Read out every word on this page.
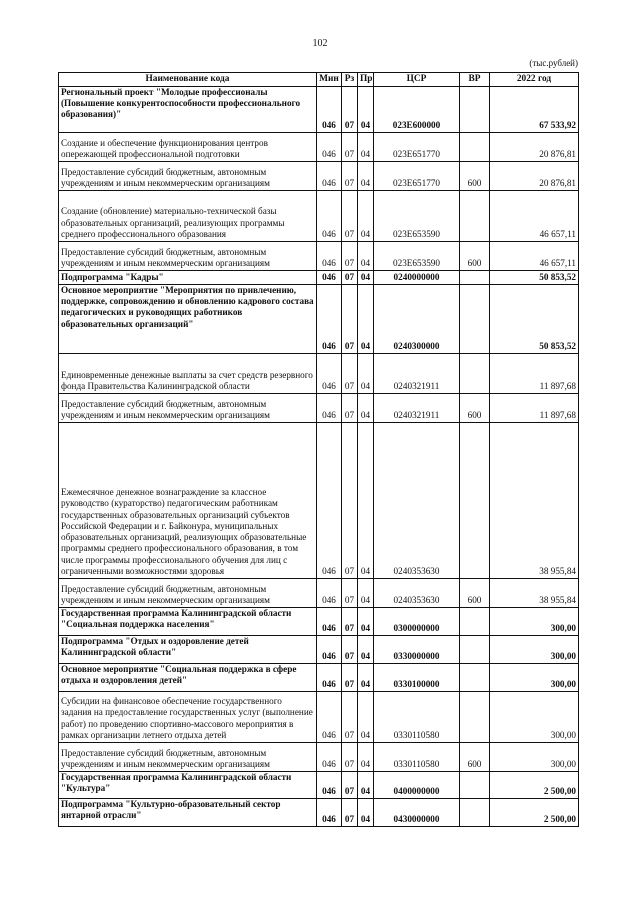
102
(тыс.рублей)
Наименование кода	Мин	Рз	Пр	ЦСР	ВР	2022 год
Региональный проект "Молодые профессионалы (Повышение конкурентоспособности профессионального образования)"	046	07	04	023E600000		67 533,92
Создание и обеспечение функционирования центров опережающей профессиональной подготовки	046	07	04	023E651770		20 876,81
Предоставление субсидий бюджетным, автономным учреждениям и иным некоммерческим организациям	046	07	04	023E651770	600	20 876,81
Создание (обновление) материально-технической базы образовательных организаций, реализующих программы среднего профессионального образования	046	07	04	023E653590		46 657,11
Предоставление субсидий бюджетным, автономным учреждениям и иным некоммерческим организациям	046	07	04	023E653590	600	46 657,11
Подпрограмма "Кадры"	046	07	04	0240000000		50 853,52
Основное мероприятие "Мероприятия по привлечению, поддержке, сопровождению и обновлению кадрового состава педагогических и руководящих работников образовательных организаций"	046	07	04	0240300000		50 853,52
Единовременные денежные выплаты за счет средств резервного фонда Правительства Калининградской области	046	07	04	0240321911		11 897,68
Предоставление субсидий бюджетным, автономным учреждениям и иным некоммерческим организациям	046	07	04	0240321911	600	11 897,68
Ежемесячное денежное вознаграждение за классное руководство (кураторство) педагогическим работникам государственных образовательных организаций субъектов Российской Федерации и г. Байконура, муниципальных образовательных организаций, реализующих образовательные программы среднего профессионального образования, в том числе программы профессионального обучения для лиц с ограниченными возможностями здоровья	046	07	04	0240353630		38 955,84
Предоставление субсидий бюджетным, автономным учреждениям и иным некоммерческим организациям	046	07	04	0240353630	600	38 955,84
Государственная программа Калининградской области "Социальная поддержка населения"	046	07	04	0300000000		300,00
Подпрограмма "Отдых и оздоровление детей Калининградской области"	046	07	04	0330000000		300,00
Основное мероприятие "Социальная поддержка в сфере отдыха и оздоровления детей"	046	07	04	0330100000		300,00
Субсидии на финансовое обеспечение государственного задания на предоставление государственных услуг (выполнение работ) по проведению спортивно-массового мероприятия в рамках организации летнего отдыха детей	046	07	04	0330110580		300,00
Предоставление субсидий бюджетным, автономным учреждениям и иным некоммерческим организациям	046	07	04	0330110580	600	300,00
Государственная программа Калининградской области "Культура"	046	07	04	0400000000		2 500,00
Подпрограмма "Культурно-образовательный сектор янтарной отрасли"	046	07	04	0430000000		2 500,00
